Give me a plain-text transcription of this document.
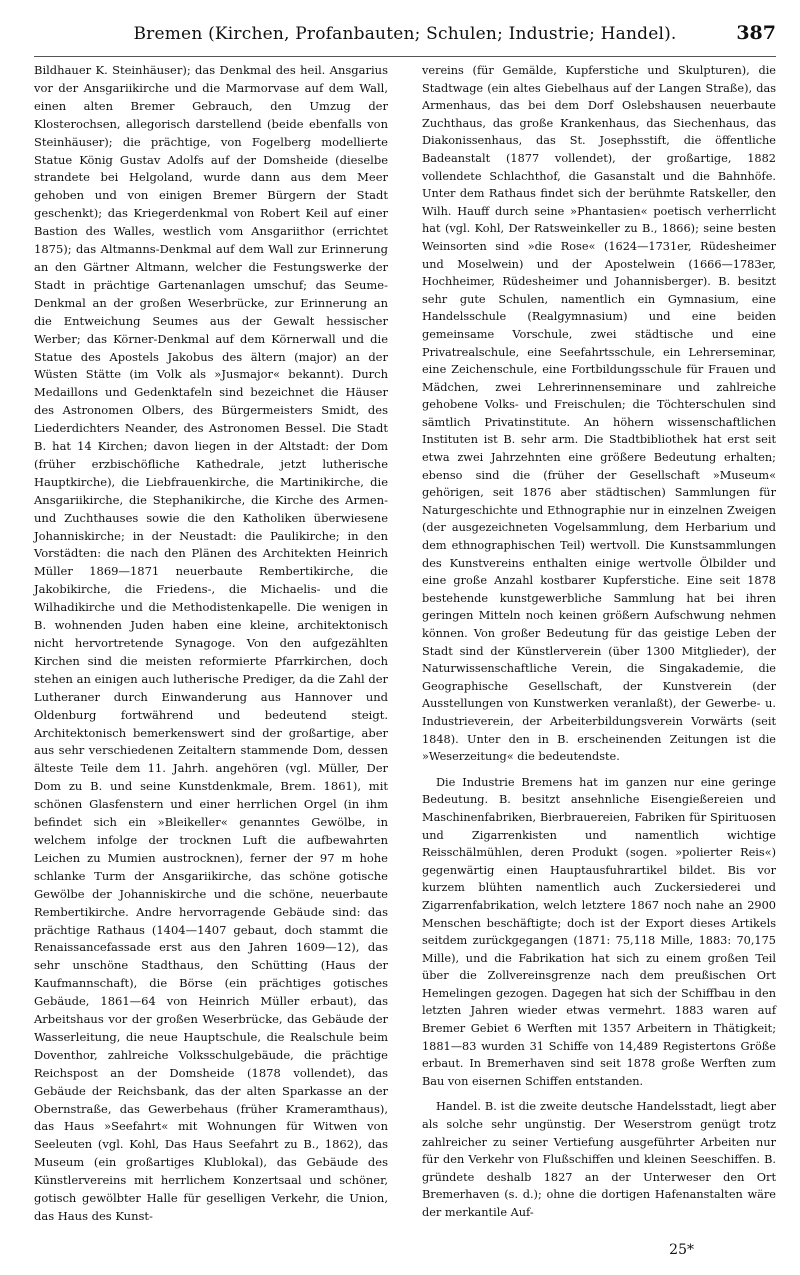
Bremen (Kirchen, Profanbauten; Schulen; Industrie; Handel).	387

Bildhauer K. Steinhäuser); das Denkmal des heil. Ansgarius vor der Ansgariikirche und die Marmorvase auf dem Wall, einen alten Bremer Gebrauch, den Umzug der Klosterochsen, allegorisch darstellend (beide ebenfalls von Steinhäuser); die prächtige, von Fogelberg modellierte Statue König Gustav Adolfs auf der Domsheide (dieselbe strandete bei Helgoland, wurde dann aus dem Meer gehoben und von einigen Bremer Bürgern der Stadt geschenkt); das Kriegerdenkmal von Robert Keil auf einer Bastion des Walles, westlich vom Ansgariithor (errichtet 1875); das Altmanns-Denkmal auf dem Wall zur Erinnerung an den Gärtner Altmann, welcher die Festungswerke der Stadt in prächtige Gartenanlagen umschuf; das Seume-Denkmal an der großen Weserbrücke, zur Erinnerung an die Entweichung Seumes aus der Gewalt hessischer Werber; das Körner-Denkmal auf dem Körnerwall und die Statue des Apostels Jakobus des ältern (major) an der Wüsten Stätte (im Volk als »Jusmajor« bekannt). Durch Medaillons und Gedenktafeln sind bezeichnet die Häuser des Astronomen Olbers, des Bürgermeisters Smidt, des Liederdichters Neander, des Astronomen Bessel. Die Stadt B. hat 14 Kirchen; davon liegen in der Altstadt: der Dom (früher erzbischöfliche Kathedrale, jetzt lutherische Hauptkirche), die Liebfrauenkirche, die Martinikirche, die Ansgariikirche, die Stephanikirche, die Kirche des Armen- und Zuchthauses sowie die den Katholiken überwiesene Johanniskirche; in der Neustadt: die Paulikirche; in den Vorstädten: die nach den Plänen des Architekten Heinrich Müller 1869—1871 neuerbaute Rembertikirche, die Jakobikirche, die Friedens-, die Michaelis- und die Wilhadikirche und die Methodistenkapelle. Die wenigen in B. wohnenden Juden haben eine kleine, architektonisch nicht hervortretende Synagoge. Von den aufgezählten Kirchen sind die meisten reformierte Pfarrkirchen, doch stehen an einigen auch lutherische Prediger, da die Zahl der Lutheraner durch Einwanderung aus Hannover und Oldenburg fortwährend und bedeutend steigt. Architektonisch bemerkenswert sind der großartige, aber aus sehr verschiedenen Zeitaltern stammende Dom, dessen älteste Teile dem 11. Jahrh. angehören (vgl. Müller, Der Dom zu B. und seine Kunstdenkmale, Brem. 1861), mit schönen Glasfenstern und einer herrlichen Orgel (in ihm befindet sich ein »Bleikeller« genanntes Gewölbe, in welchem infolge der trocknen Luft die aufbewahrten Leichen zu Mumien austrocknen), ferner der 97 m hohe schlanke Turm der Ansgariikirche, das schöne gotische Gewölbe der Johanniskirche und die schöne, neuerbaute Rembertikirche. Andre hervorragende Gebäude sind: das prächtige Rathaus (1404—1407 gebaut, doch stammt die Renaissancefassade erst aus den Jahren 1609—12), das sehr unschöne Stadthaus, den Schütting (Haus der Kaufmannschaft), die Börse (ein prächtiges gotisches Gebäude, 1861—64 von Heinrich Müller erbaut), das Arbeitshaus vor der großen Weserbrücke, das Gebäude der Wasserleitung, die neue Hauptschule, die Realschule beim Doventhor, zahlreiche Volksschulgebäude, die prächtige Reichspost an der Domsheide (1878 vollendet), das Gebäude der Reichsbank, das der alten Sparkasse an der Obernstraße, das Gewerbehaus (früher Krameramthaus), das Haus »Seefahrt« mit Wohnungen für Witwen von Seeleuten (vgl. Kohl, Das Haus Seefahrt zu B., 1862), das Museum (ein großartiges Klublokal), das Gebäude des Künstlervereins mit herrlichem Konzertsaal und schöner, gotisch gewölbter Halle für geselligen Verkehr, die Union, das Haus des Kunst-

vereins (für Gemälde, Kupferstiche und Skulpturen), die Stadtwage (ein altes Giebelhaus auf der Langen Straße), das Armenhaus, das bei dem Dorf Oslebshausen neuerbaute Zuchthaus, das große Krankenhaus, das Siechenhaus, das Diakonissenhaus, das St. Josephsstift, die öffentliche Badeanstalt (1877 vollendet), der großartige, 1882 vollendete Schlachthof, die Gasanstalt und die Bahnhöfe. Unter dem Rathaus findet sich der berühmte Ratskeller, den Wilh. Hauff durch seine »Phantasien« poetisch verherrlicht hat (vgl. Kohl, Der Ratsweinkeller zu B., 1866); seine besten Weinsorten sind »die Rose« (1624—1731er, Rüdesheimer und Moselwein) und der Apostelwein (1666—1783er, Hochheimer, Rüdesheimer und Johannisberger). B. besitzt sehr gute Schulen, namentlich ein Gymnasium, eine Handelsschule (Realgymnasium) und eine beiden gemeinsame Vorschule, zwei städtische und eine Privatrealschule, eine Seefahrtsschule, ein Lehrerseminar, eine Zeichenschule, eine Fortbildungsschule für Frauen und Mädchen, zwei Lehrerinnenseminare und zahlreiche gehobene Volks- und Freischulen; die Töchterschulen sind sämtlich Privatinstitute. An höhern wissenschaftlichen Instituten ist B. sehr arm. Die Stadtbibliothek hat erst seit etwa zwei Jahrzehnten eine größere Bedeutung erhalten; ebenso sind die (früher der Gesellschaft »Museum« gehörigen, seit 1876 aber städtischen) Sammlungen für Naturgeschichte und Ethnographie nur in einzelnen Zweigen (der ausgezeichneten Vogelsammlung, dem Herbarium und dem ethnographischen Teil) wertvoll. Die Kunstsammlungen des Kunstvereins enthalten einige wertvolle Ölbilder und eine große Anzahl kostbarer Kupferstiche. Eine seit 1878 bestehende kunstgewerbliche Sammlung hat bei ihren geringen Mitteln noch keinen größern Aufschwung nehmen können. Von großer Bedeutung für das geistige Leben der Stadt sind der Künstlerverein (über 1300 Mitglieder), der Naturwissenschaftliche Verein, die Singakademie, die Geographische Gesellschaft, der Kunstverein (der Ausstellungen von Kunstwerken veranlaßt), der Gewerbe- u. Industrieverein, der Arbeiterbildungsverein Vorwärts (seit 1848). Unter den in B. erscheinenden Zeitungen ist die »Weserzeitung« die bedeutendste.

Die Industrie Bremens hat im ganzen nur eine geringe Bedeutung. B. besitzt ansehnliche Eisengießereien und Maschinenfabriken, Bierbrauereien, Fabriken für Spirituosen und Zigarrenkisten und namentlich wichtige Reisschälmühlen, deren Produkt (sogen. »polierter Reis«) gegenwärtig einen Hauptausfuhrartikel bildet. Bis vor kurzem blühten namentlich auch Zuckersiederei und Zigarrenfabrikation, welch letztere 1867 noch nahe an 2900 Menschen beschäftigte; doch ist der Export dieses Artikels seitdem zurückgegangen (1871: 75,118 Mille, 1883: 70,175 Mille), und die Fabrikation hat sich zu einem großen Teil über die Zollvereinsgrenze nach dem preußischen Ort Hemelingen gezogen. Dagegen hat sich der Schiffbau in den letzten Jahren wieder etwas vermehrt. 1883 waren auf Bremer Gebiet 6 Werften mit 1357 Arbeitern in Thätigkeit; 1881—83 wurden 31 Schiffe von 14,489 Registertons Größe erbaut. In Bremerhaven sind seit 1878 große Werften zum Bau von eisernen Schiffen entstanden.

Handel. B. ist die zweite deutsche Handelsstadt, liegt aber als solche sehr ungünstig. Der Weserstrom genügt trotz zahlreicher zu seiner Vertiefung ausgeführter Arbeiten nur für den Verkehr von Flußschiffen und kleinen Seeschiffen. B. gründete deshalb 1827 an der Unterweser den Ort Bremerhaven (s. d.); ohne die dortigen Hafenanstalten wäre der merkantile Auf-

25*
